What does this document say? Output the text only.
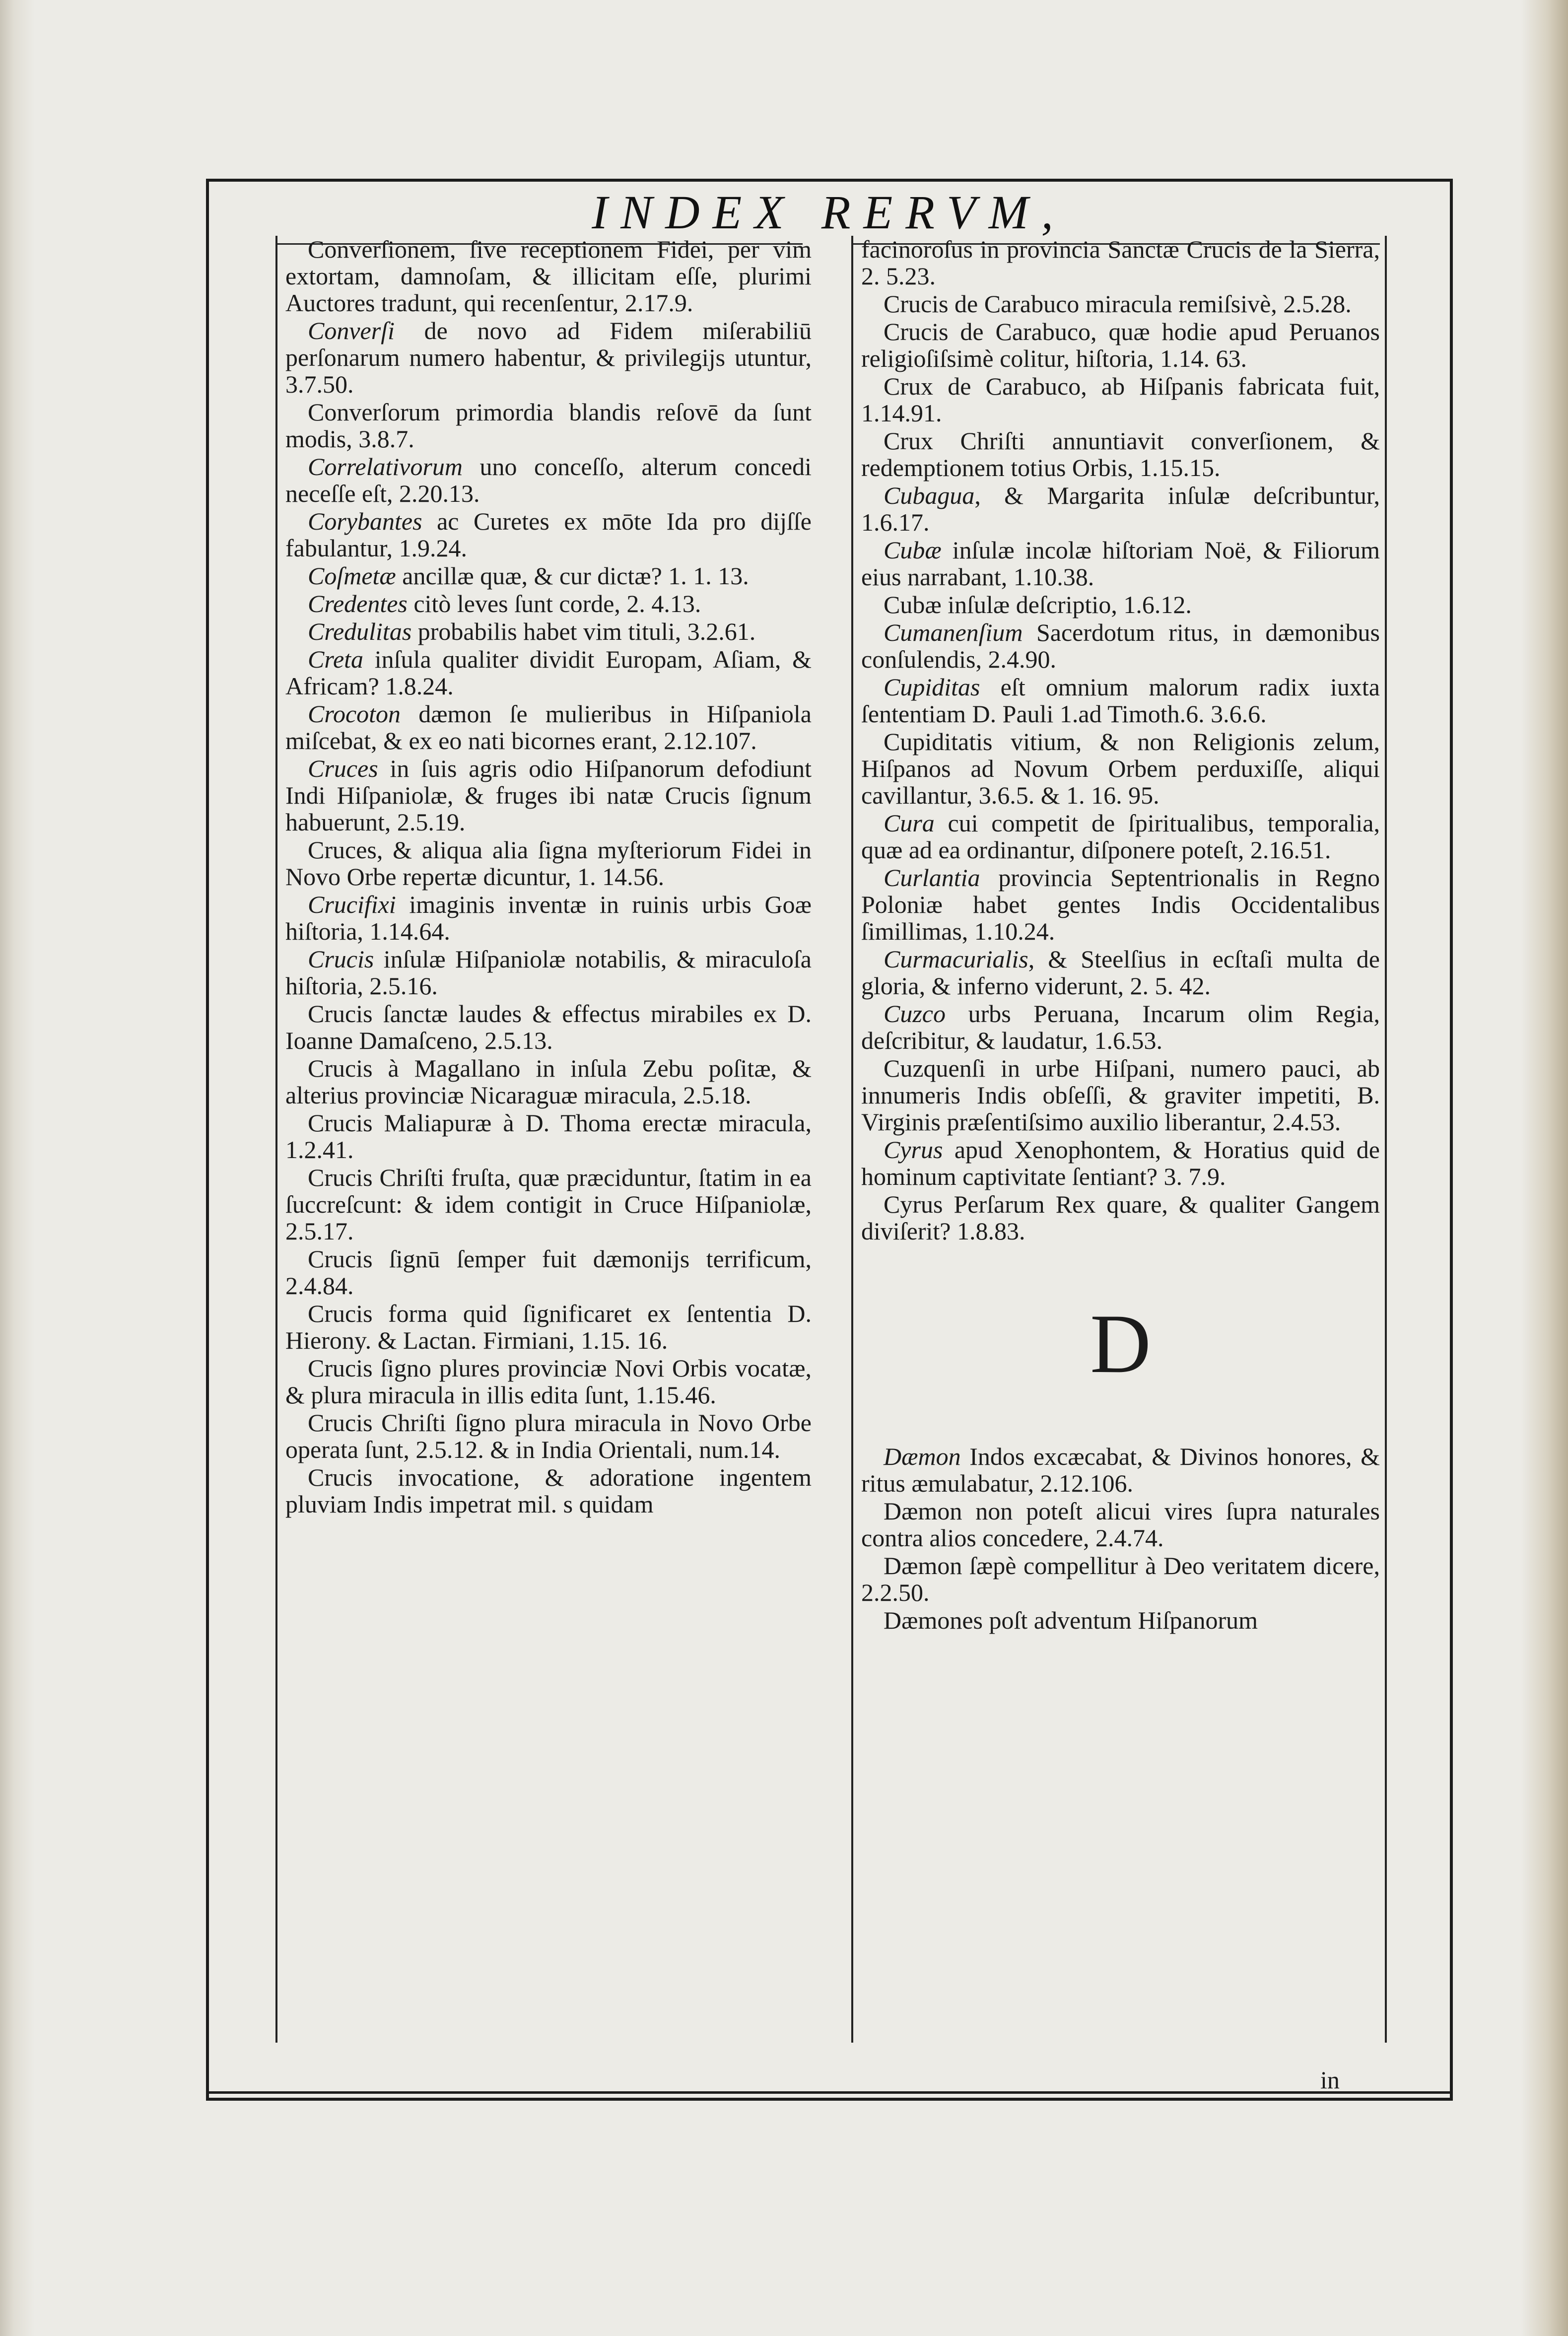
INDEX RERVM,

Converſionem, ſive receptionem Fidei, per vim extortam, damnoſam, & illicitam eſſe, plurimi Auctores tradunt, qui recenſentur, 2.17.9.

Converſi de novo ad Fidem miſerabiliū perſonarum numero habentur, & privilegijs utuntur, 3.7.50.

Converſorum primordia blandis reſovē da ſunt modis, 3.8.7.

Correlativorum uno conceſſo, alterum concedi neceſſe eſt, 2.20.13.

Corybantes ac Curetes ex mōte Ida pro dijſſe fabulantur, 1.9.24.

Coſmetæ ancillæ quæ, & cur dictæ? 1. 1. 13.

Credentes citò leves ſunt corde, 2. 4.13.

Credulitas probabilis habet vim tituli, 3.2.61.

Creta inſula qualiter dividit Europam, Aſiam, & Africam? 1.8.24.

Crocoton dæmon ſe mulieribus in Hiſpaniola miſcebat, & ex eo nati bicornes erant, 2.12.107.

Cruces in ſuis agris odio Hiſpanorum defodiunt Indi Hiſpaniolæ, & fruges ibi natæ Crucis ſignum habuerunt, 2.5.19.

Cruces, & aliqua alia ſigna myſteriorum Fidei in Novo Orbe repertæ dicuntur, 1. 14.56.

Crucifixi imaginis inventæ in ruinis urbis Goæ hiſtoria, 1.14.64.

Crucis inſulæ Hiſpaniolæ notabilis, & miraculoſa hiſtoria, 2.5.16.

Crucis ſanctæ laudes & effectus mirabiles ex D. Ioanne Damaſceno, 2.5.13.

Crucis à Magallano in inſula Zebu poſitæ, & alterius provinciæ Nicaraguæ miracula, 2.5.18.

Crucis Maliapuræ à D. Thoma erectæ miracula, 1.2.41.

Crucis Chriſti fruſta, quæ præciduntur, ſtatim in ea ſuccreſcunt: & idem contigit in Cruce Hiſpaniolæ, 2.5.17.

Crucis ſignū ſemper fuit dæmonijs terrificum, 2.4.84.

Crucis forma quid ſignificaret ex ſententia D. Hierony. & Lactan. Firmiani, 1.15. 16.

Crucis ſigno plures provinciæ Novi Orbis vocatæ, & plura miracula in illis edita ſunt, 1.15.46.

Crucis Chriſti ſigno plura miracula in Novo Orbe operata ſunt, 2.5.12. & in India Orientali, num.14.

Crucis invocatione, & adoratione ingentem pluviam Indis impetrat mil. s quidam

facinoroſus in provincia Sanctæ Crucis de la Sierra, 2. 5.23.

Crucis de Carabuco miracula remiſsivè, 2.5.28.

Crucis de Carabuco, quæ hodie apud Peruanos religioſiſsimè colitur, hiſtoria, 1.14. 63.

Crux de Carabuco, ab Hiſpanis fabricata fuit, 1.14.91.

Crux Chriſti annuntiavit converſionem, & redemptionem totius Orbis, 1.15.15.

Cubagua, & Margarita inſulæ deſcribuntur, 1.6.17.

Cubæ inſulæ incolæ hiſtoriam Noë, & Filiorum eius narrabant, 1.10.38.

Cubæ inſulæ deſcriptio, 1.6.12.

Cumanenſium Sacerdotum ritus, in dæmonibus conſulendis, 2.4.90.

Cupiditas eſt omnium malorum radix iuxta ſententiam D. Pauli 1.ad Timoth.6. 3.6.6.

Cupiditatis vitium, & non Religionis zelum, Hiſpanos ad Novum Orbem perduxiſſe, aliqui cavillantur, 3.6.5. & 1. 16. 95.

Cura cui competit de ſpiritualibus, temporalia, quæ ad ea ordinantur, diſponere poteſt, 2.16.51.

Curlantia provincia Septentrionalis in Regno Poloniæ habet gentes Indis Occidentalibus ſimillimas, 1.10.24.

Curmacurialis, & Steelſius in ecſtaſi multa de gloria, & inferno viderunt, 2. 5. 42.

Cuzco urbs Peruana, Incarum olim Regia, deſcribitur, & laudatur, 1.6.53.

Cuzquenſi in urbe Hiſpani, numero pauci, ab innumeris Indis obſeſſi, & graviter impetiti, B. Virginis præſentiſsimo auxilio liberantur, 2.4.53.

Cyrus apud Xenophontem, & Horatius quid de hominum captivitate ſentiant? 3. 7.9.

Cyrus Perſarum Rex quare, & qualiter Gangem diviſerit? 1.8.83.

D

Dæmon Indos excæcabat, & Divinos honores, & ritus æmulabatur, 2.12.106.

Dæmon non poteſt alicui vires ſupra naturales contra alios concedere, 2.4.74.

Dæmon ſæpè compellitur à Deo veritatem dicere, 2.2.50.

Dæmones poſt adventum Hiſpanorum

in
